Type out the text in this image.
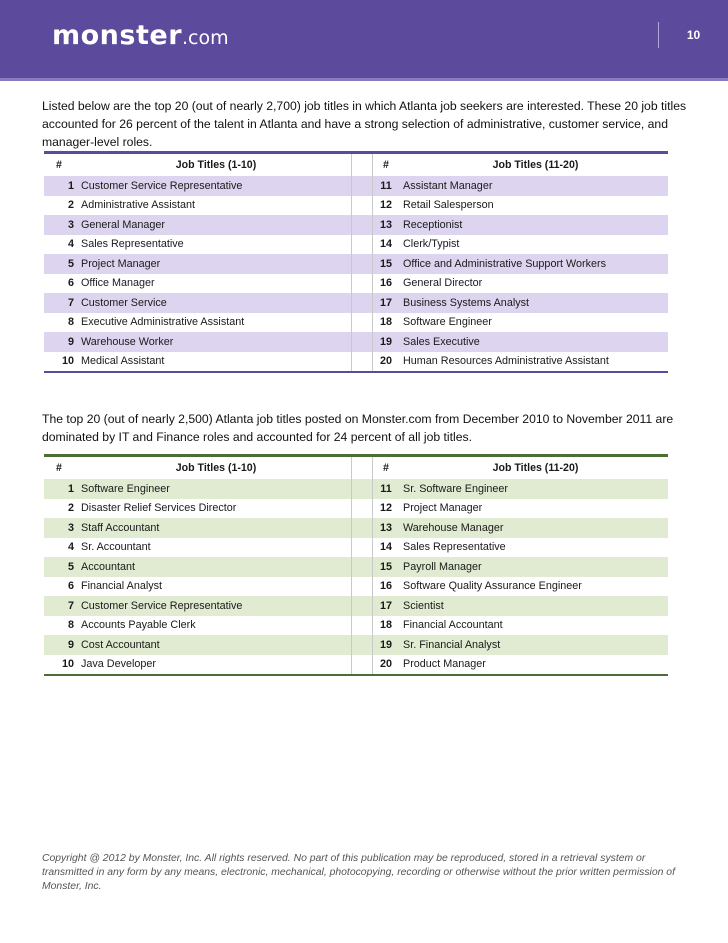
monster.com	10

Listed below are the top 20 (out of nearly 2,700) job titles in which Atlanta job seekers are interested. These 20 job titles accounted for 26 percent of the talent in Atlanta and have a strong selection of administrative, customer service, and manager-level roles.

#	Job Titles (1-10)	#	Job Titles (11-20)
1 Customer Service Representative	11	Assistant Manager
2 Administrative Assistant	12	Retail Salesperson
3 General Manager	13	Receptionist
4 Sales Representative	14	Clerk/Typist
5 Project Manager	15	Office and Administrative Support Workers
6 Office Manager	16	General Director
7 Customer Service	17	Business Systems Analyst
8 Executive Administrative Assistant	18	Software Engineer
9 Warehouse Worker	19	Sales Executive
10 Medical Assistant	20	Human Resources Administrative Assistant

The top 20 (out of nearly 2,500) Atlanta job titles posted on Monster.com from December 2010 to November 2011 are dominated by IT and Finance roles and accounted for 24 percent of all job titles.

#	Job Titles (1-10)	#	Job Titles (11-20)
1 Software Engineer	11	Sr. Software Engineer
2 Disaster Relief Services Director	12	Project Manager
3 Staff Accountant	13	Warehouse Manager
4 Sr. Accountant	14	Sales Representative
5 Accountant	15	Payroll Manager
6 Financial Analyst	16	Software Quality Assurance Engineer
7 Customer Service Representative	17	Scientist
8 Accounts Payable Clerk	18	Financial Accountant
9 Cost Accountant	19	Sr. Financial Analyst
10 Java Developer	20	Product Manager

Copyright @ 2012 by Monster, Inc. All rights reserved. No part of this publication may be reproduced, stored in a retrieval system or transmitted in any form by any means, electronic, mechanical, photocopying, recording or otherwise without the prior written permission of Monster, Inc.
